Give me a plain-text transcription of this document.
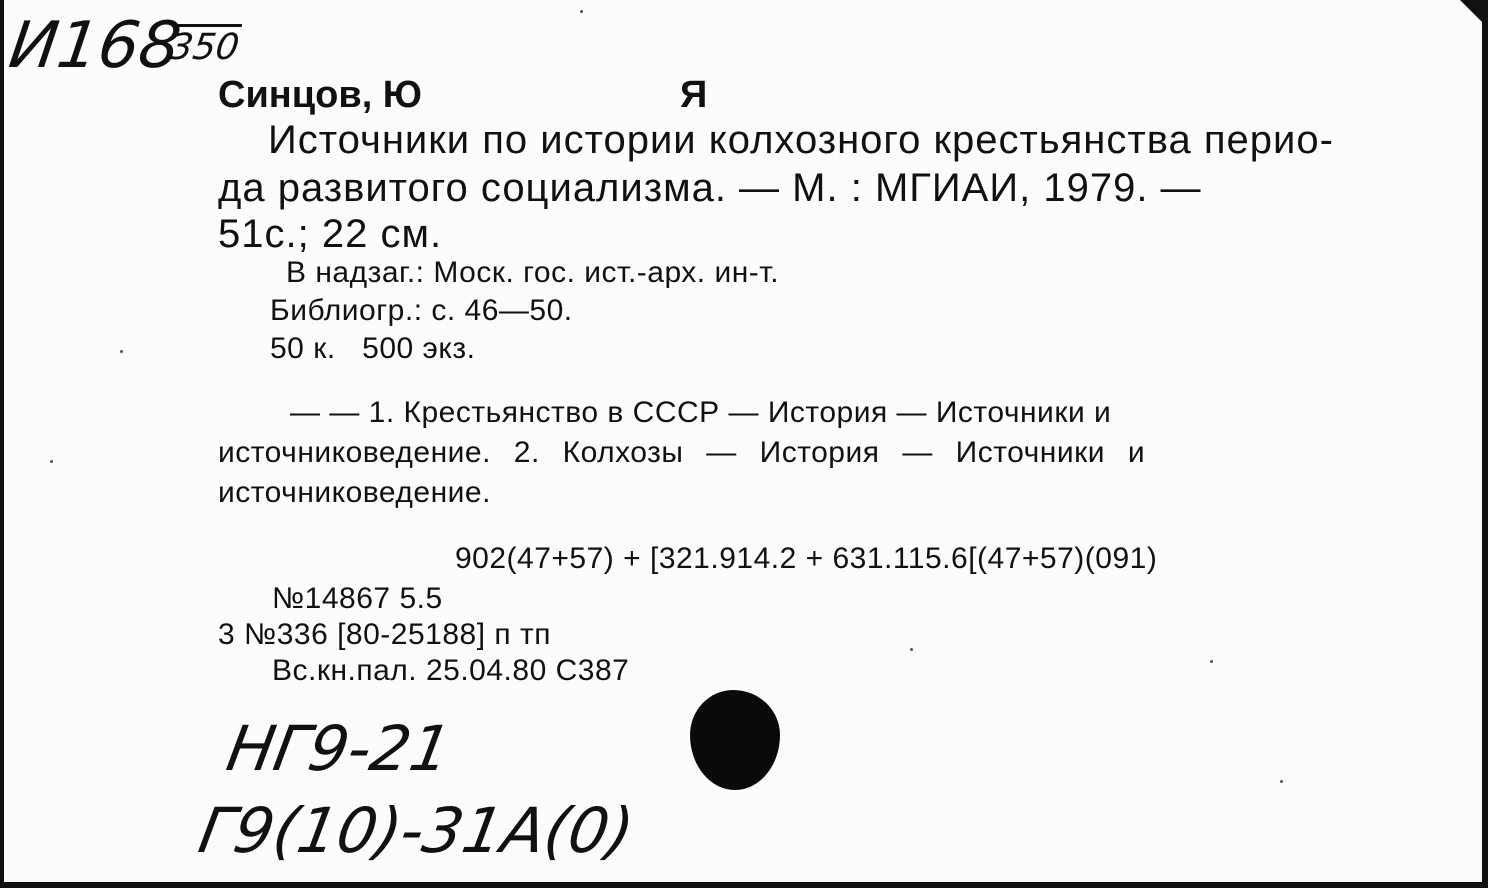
И168
350
Синцов, Ю	Я
Источники по истории колхозного крестьянства перио-
да развитого социализма. — М. : МГИАИ, 1979. —
51с.; 22 см.
В надзаг.: Моск. гос. ист.-арх. ин-т.
Библиогр.: с. 46—50.
50 к.   500 экз.
— — 1. Крестьянство в СССР — История — Источники и
источниковедение. 2. Колхозы — История — Источники и
источниковедение.
902(47+57) + [321.914.2 + 631.115.6[(47+57)(091)
№14867 5.5
3 №336 [80-25188] п тп
Вс.кн.пал. 25.04.80 С387
НГ9-21
Г9(10)-31А(0)
